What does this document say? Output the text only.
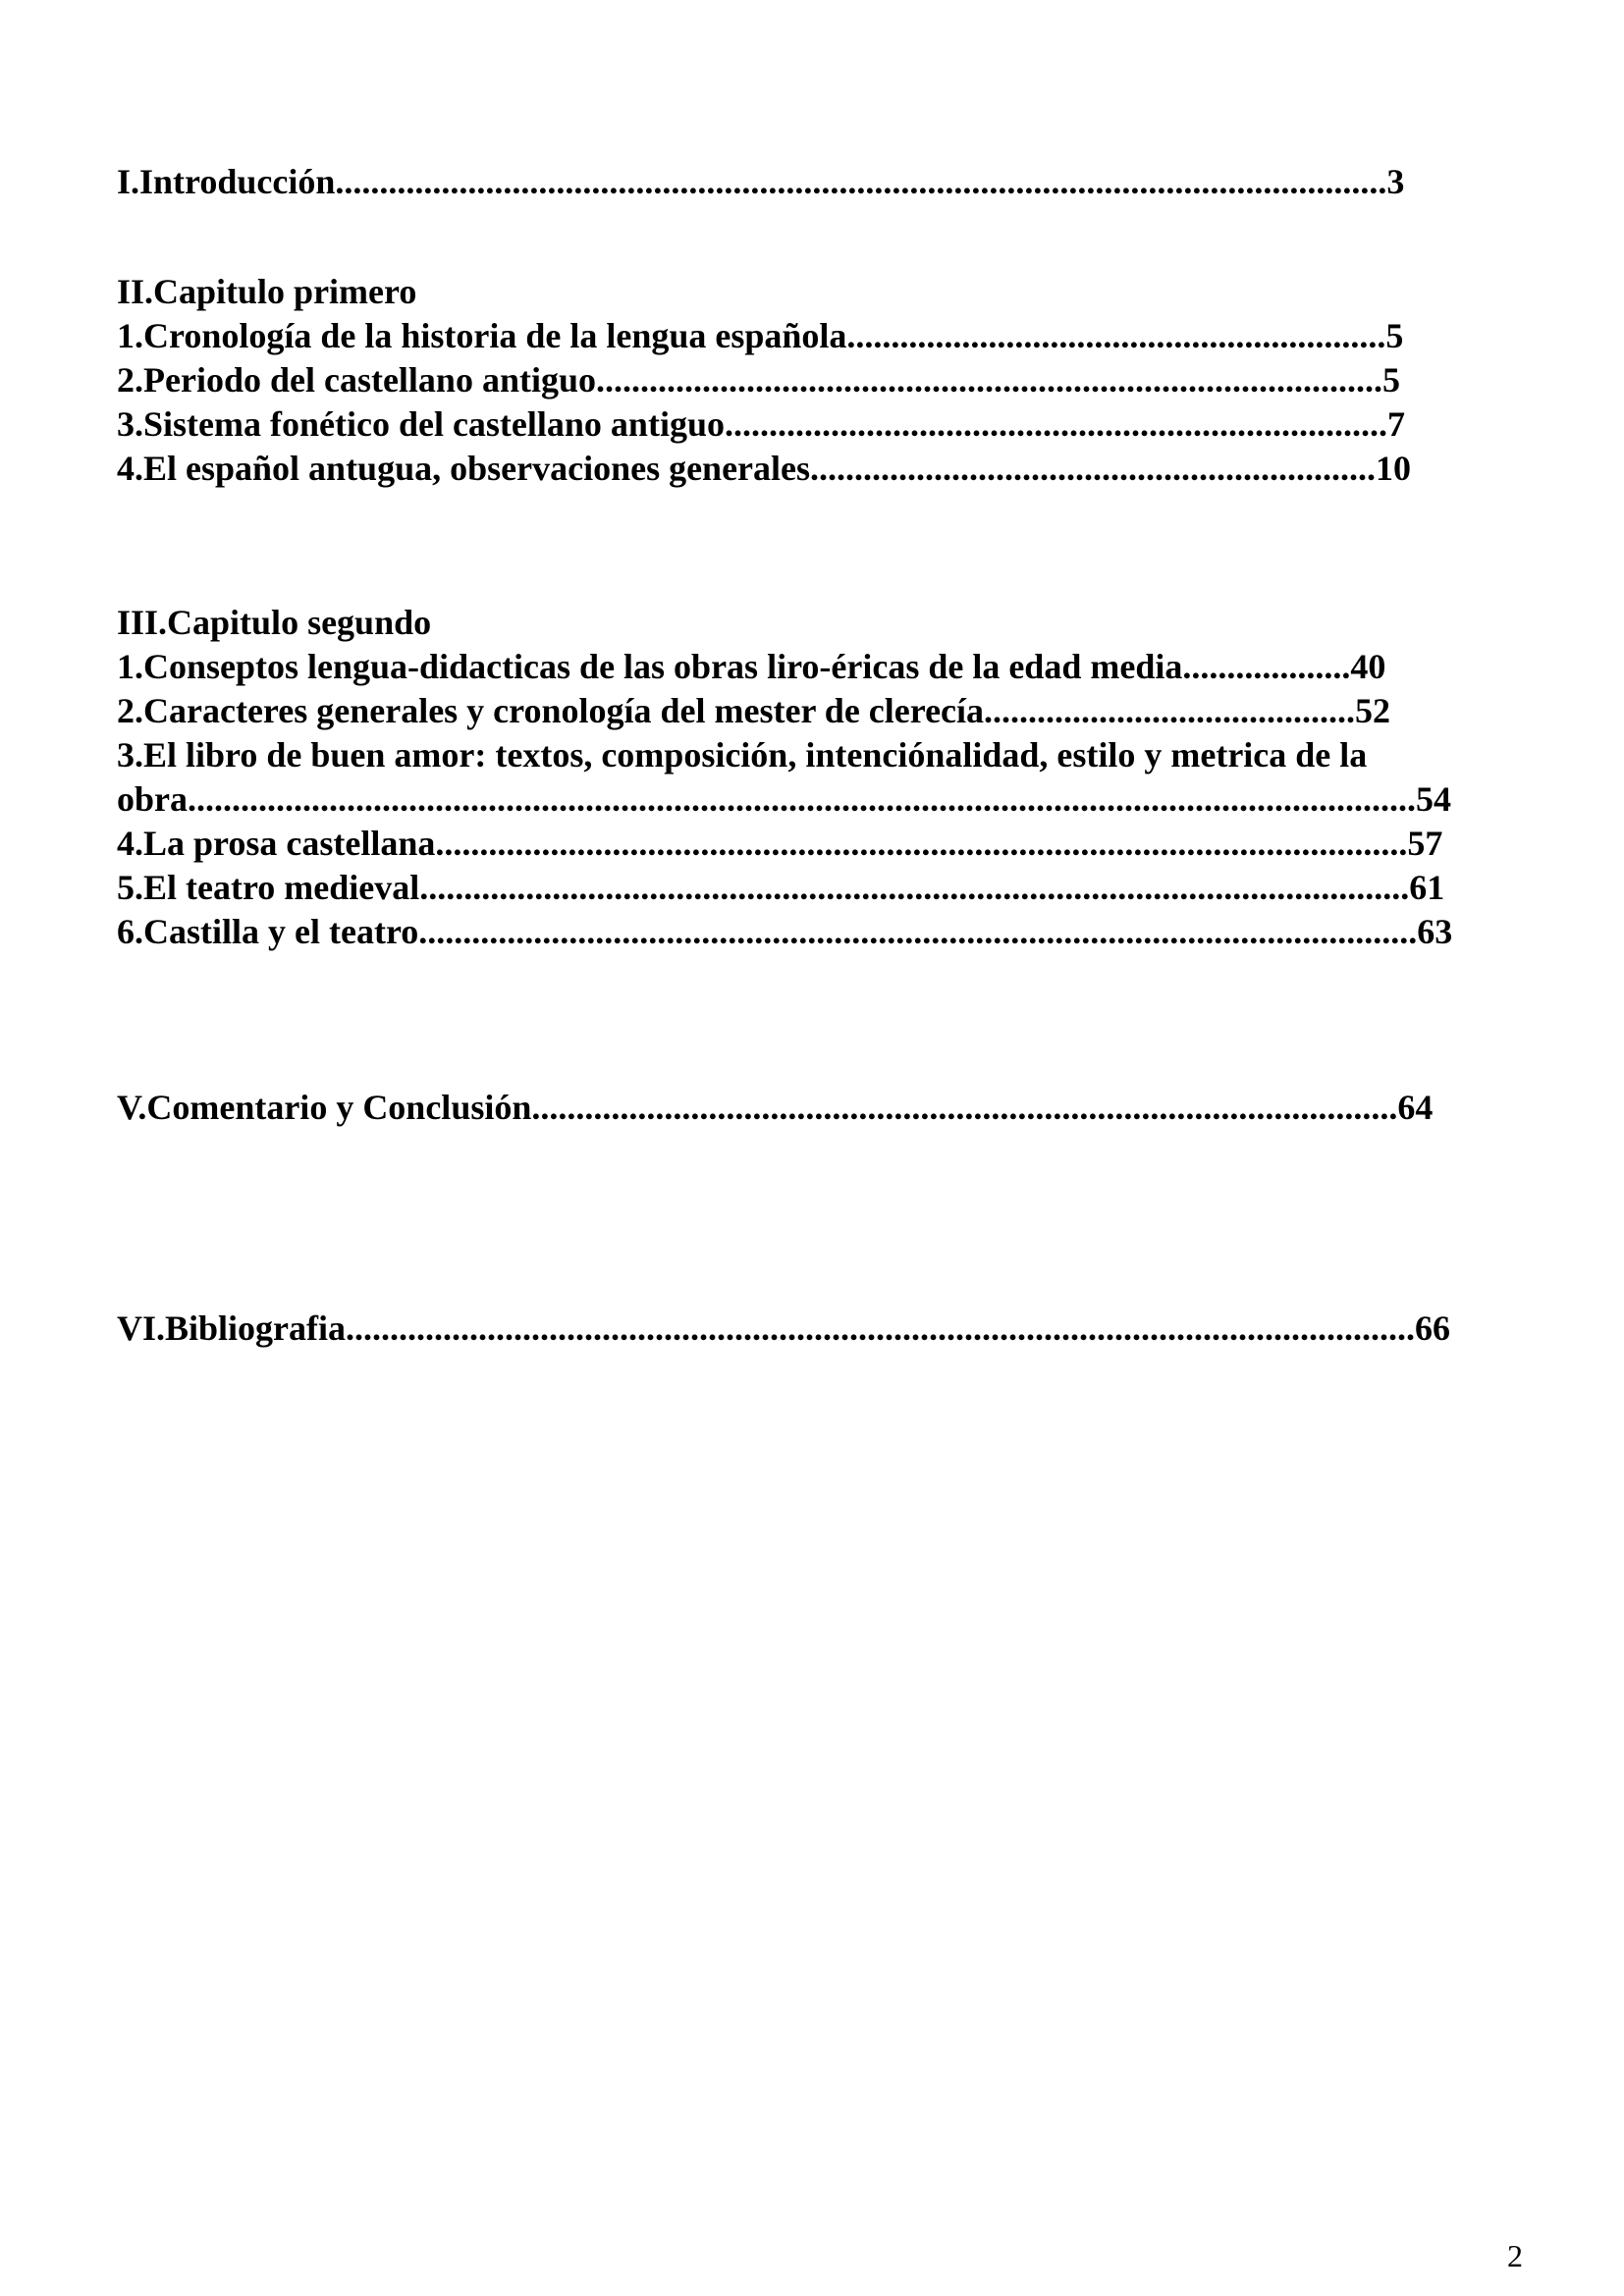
I.Introducción.......................................................................................................................3
II.Capitulo primero
1.Cronología de la historia de la lengua española.............................................................5
2.Periodo del castellano antiguo.........................................................................................5
3.Sistema fonético del castellano antiguo...........................................................................7
4.El español antugua, observaciones generales................................................................10
III.Capitulo segundo
1.Conseptos lengua-didacticas de las obras liro-éricas de la edad media...................40
2.Caracteres generales y cronología del mester de clerecía..........................................52
3.El libro de buen amor: textos, composición, intenciónalidad, estilo y metrica de la
obra...........................................................................................................................................54
4.La prosa castellana..............................................................................................................57
5.El teatro medieval................................................................................................................61
6.Castilla y el teatro.................................................................................................................63
V.Comentario y Conclusión..................................................................................................64
VI.Bibliografia.........................................................................................................................66
2
